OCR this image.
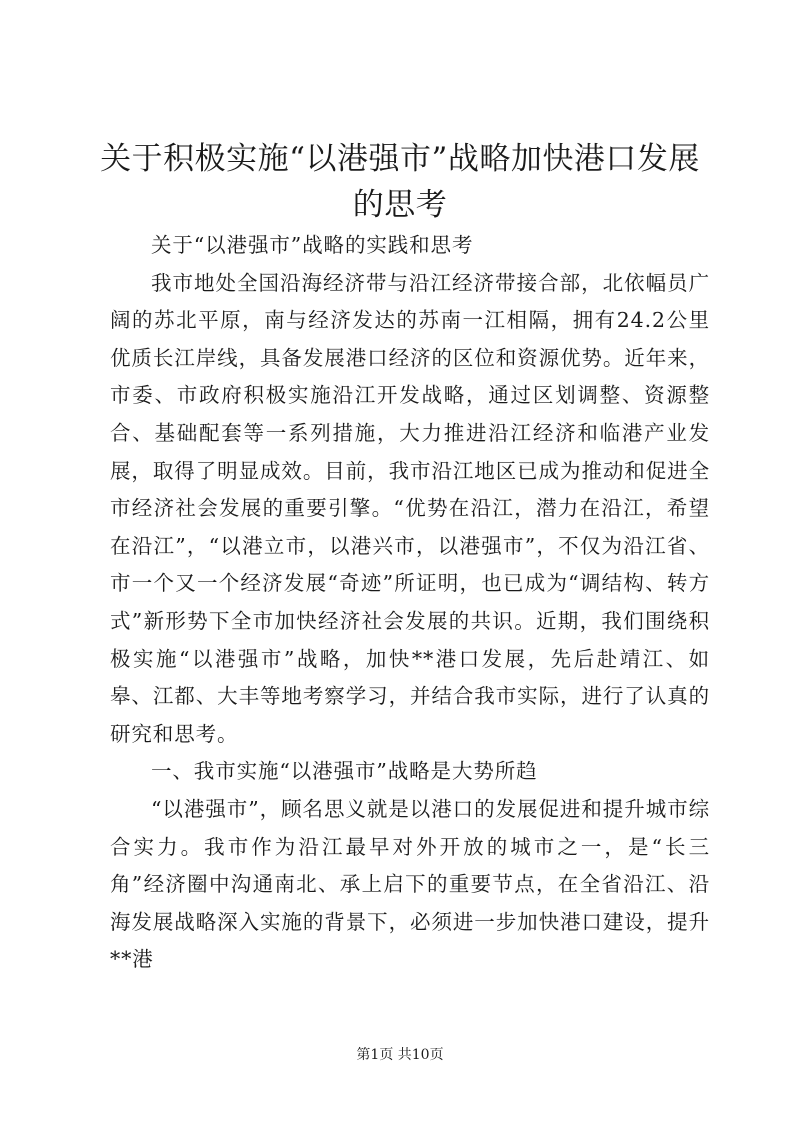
关于积极实施“以港强市”战略加快港口发展
的思考

关于“以港强市”战略的实践和思考

我市地处全国沿海经济带与沿江经济带接合部，北依幅员广阔的苏北平原，南与经济发达的苏南一江相隔，拥有24.2公里优质长江岸线，具备发展港口经济的区位和资源优势。近年来，市委、市政府积极实施沿江开发战略，通过区划调整、资源整合、基础配套等一系列措施，大力推进沿江经济和临港产业发展，取得了明显成效。目前，我市沿江地区已成为推动和促进全市经济社会发展的重要引擎。“优势在沿江，潜力在沿江，希望在沿江”，“以港立市，以港兴市，以港强市”，不仅为沿江省、市一个又一个经济发展“奇迹”所证明，也已成为“调结构、转方式”新形势下全市加快经济社会发展的共识。近期，我们围绕积极实施“以港强市”战略，加快**港口发展，先后赴靖江、如皋、江都、大丰等地考察学习，并结合我市实际，进行了认真的研究和思考。

一、我市实施“以港强市”战略是大势所趋

“以港强市”，顾名思义就是以港口的发展促进和提升城市综合实力。我市作为沿江最早对外开放的城市之一，是“长三角”经济圈中沟通南北、承上启下的重要节点，在全省沿江、沿海发展战略深入实施的背景下，必须进一步加快港口建设，提升**港

第1页 共10页
